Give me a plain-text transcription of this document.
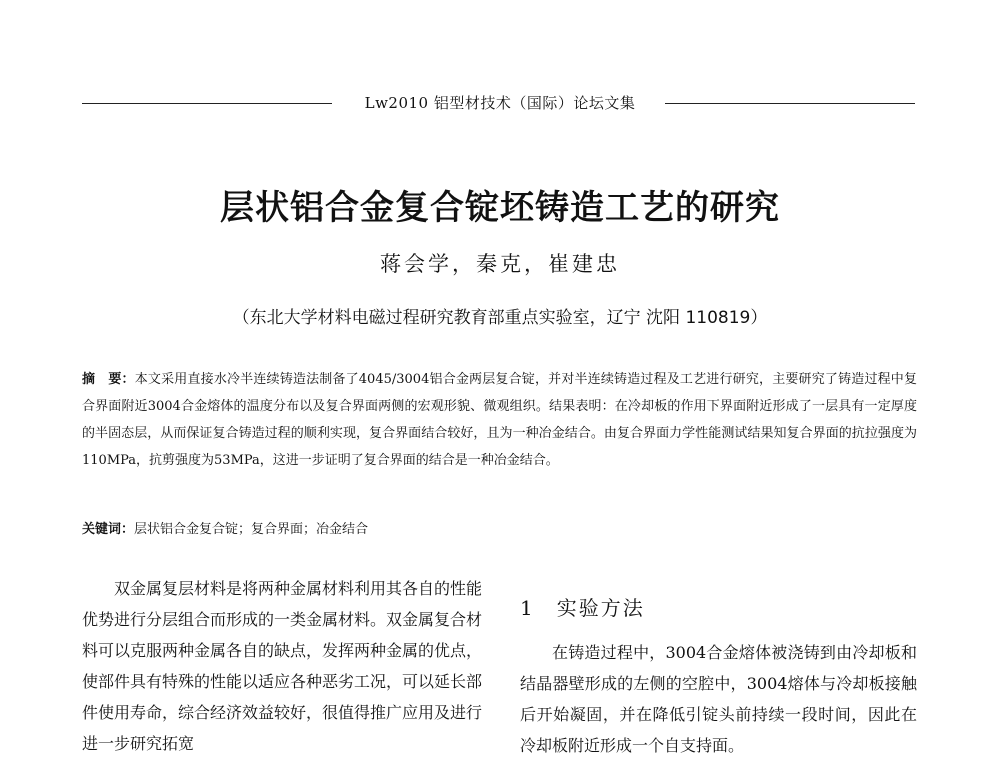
Lw2010 铝型材技术（国际）论坛文集
层状铝合金复合锭坯铸造工艺的研究
蒋会学，秦克，崔建忠
（东北大学材料电磁过程研究教育部重点实验室，辽宁 沈阳 110819）
摘　要：本文采用直接水冷半连续铸造法制备了4045/3004铝合金两层复合锭，并对半连续铸造过程及工艺进行研究，主要研究了铸造过程中复合界面附近3004合金熔体的温度分布以及复合界面两侧的宏观形貌、微观组织。结果表明：在冷却板的作用下界面附近形成了一层具有一定厚度的半固态层，从而保证复合铸造过程的顺利实现，复合界面结合较好，且为一种冶金结合。由复合界面力学性能测试结果知复合界面的抗拉强度为110MPa，抗剪强度为53MPa，这进一步证明了复合界面的结合是一种冶金结合。
关键词：层状铝合金复合锭；复合界面；冶金结合
双金属复层材料是将两种金属材料利用其各自的性能优势进行分层组合而形成的一类金属材料。双金属复合材料可以克服两种金属各自的缺点，发挥两种金属的优点，使部件具有特殊的性能以适应各种恶劣工况，可以延长部件使用寿命，综合经济效益较好，很值得推广应用及进行进一步研究拓宽
1　实验方法
在铸造过程中，3004合金熔体被浇铸到由冷却板和结晶器壁形成的左侧的空腔中，3004熔体与冷却板接触后开始凝固，并在降低引锭头前持续一段时间，因此在冷却板附近形成一个自支持面。
